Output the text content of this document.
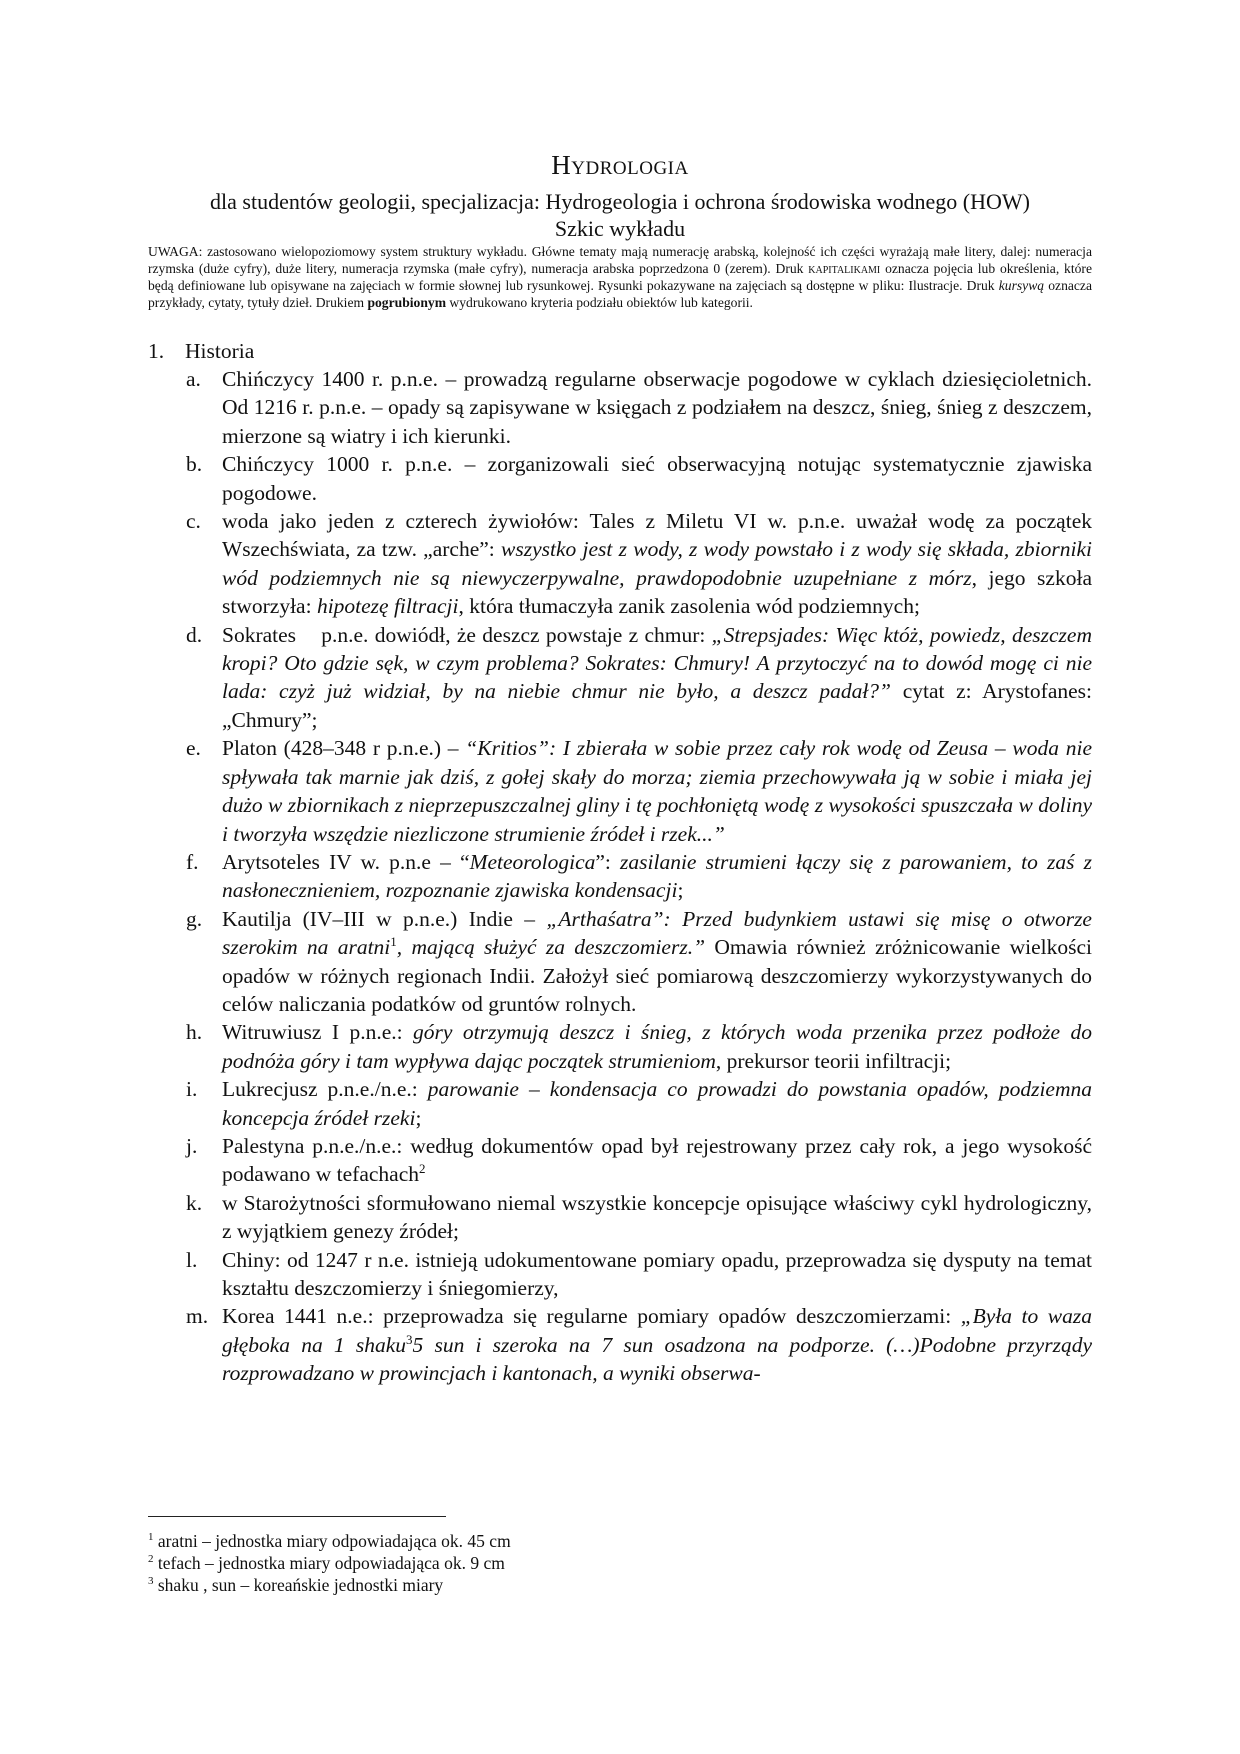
Hydrologia
dla studentów geologii, specjalizacja: Hydrogeologia i ochrona środowiska wodnego (HOW)
Szkic wykładu
UWAGA: zastosowano wielopoziomowy system struktury wykładu. Główne tematy mają numerację arabską, kolejność ich części wyrażają małe litery, dalej: numeracja rzymska (duże cyfry), duże litery, numeracja rzymska (małe cyfry), numeracja arabska poprzedzona 0 (zerem). Druk kapitalikami oznacza pojęcia lub określenia, które będą definiowane lub opisywane na zajęciach w formie słownej lub rysunkowej. Rysunki pokazywane na zajęciach są dostępne w pliku: Ilustracje. Druk kursywą oznacza przykłady, cytaty, tytuły dzieł. Drukiem pogrubionym wydrukowano kryteria podziału obiektów lub kategorii.
1. Historia
a. Chińczycy 1400 r. p.n.e. – prowadzą regularne obserwacje pogodowe w cyklach dziesięcioletnich. Od 1216 r. p.n.e. – opady są zapisywane w księgach z podziałem na deszcz, śnieg, śnieg z deszczem, mierzone są wiatry i ich kierunki.
b. Chińczycy 1000 r. p.n.e. – zorganizowali sieć obserwacyjną notując systematycznie zjawiska pogodowe.
c. woda jako jeden z czterech żywiołów: Tales z Miletu VI w. p.n.e. uważał wodę za początek Wszechświata, za tzw. „arche”: wszystko jest z wody, z wody powstało i z wody się składa, zbiorniki wód podziemnych nie są niewyczerpywalne, prawdopodobnie uzupełniane z mórz, jego szkoła stworzyła: hipotezę filtracji, która tłumaczyła zanik zasolenia wód podziemnych;
d. Sokrates    p.n.e. dowiódł, że deszcz powstaje z chmur: „Strepsjades: Więc któż, powiedz, deszczem kropi? Oto gdzie sęk, w czym problema? Sokrates: Chmury! A przytoczyć na to dowód mogę ci nie lada: czyż już widział, by na niebie chmur nie było, a deszcz padał?” cytat z: Arystofanes: „Chmury”;
e. Platon (428–348 r p.n.e.) – “Kritios”: I zbierała w sobie przez cały rok wodę od Zeusa – woda nie spływała tak marnie jak dziś, z gołej skały do morza; ziemia przechowywała ją w sobie i miała jej dużo w zbiornikach z nieprzepuszczalnej gliny i tę pochłoniętą wodę z wysokości spuszczała w doliny i tworzyła wszędzie niezliczone strumienie źródeł i rzek...”
f. Arytsoteles IV w. p.n.e – “Meteorologica”: zasilanie strumieni łączy się z parowaniem, to zaś z nasłonecznieniem, rozpoznanie zjawiska kondensacji;
g. Kautilja (IV–III w p.n.e.) Indie – „Arthaśatra”: Przed budynkiem ustawi się misę o otworze szerokim na aratni$^1$, mającą służyć za deszczomierz.” Omawia również zróżnicowanie wielkości opadów w różnych regionach Indii. Założył sieć pomiarową deszczomierzy wykorzystywanych do celów naliczania podatków od gruntów rolnych.
h. Witruwiusz I p.n.e.: góry otrzymują deszcz i śnieg, z których woda przenika przez podłoże do podnóża góry i tam wypływa dając początek strumieniom, prekursor teorii infiltracji;
i. Lukrecjusz p.n.e./n.e.: parowanie – kondensacja co prowadzi do powstania opadów, podziemna koncepcja źródeł rzeki;
j. Palestyna p.n.e./n.e.: według dokumentów opad był rejestrowany przez cały rok, a jego wysokość podawano w tefachach$^2$
k. w Starożytności sformułowano niemal wszystkie koncepcje opisujące właściwy cykl hydrologiczny, z wyjątkiem genezy źródeł;
l. Chiny: od 1247 r n.e. istnieją udokumentowane pomiary opadu, przeprowadza się dysputy na temat kształtu deszczomierzy i śniegomierzy,
m. Korea 1441 n.e.: przeprowadza się regularne pomiary opadów deszczomierzami: „Była to waza głęboka na 1 shaku$^3$5 sun i szeroka na 7 sun osadzona na podporze. (…)Podobne przyrządy rozprowadzano w prowincjach i kantonach, a wyniki obserwa-
$^1$ aratni – jednostka miary odpowiadająca ok. 45 cm
$^2$ tefach – jednostka miary odpowiadająca ok. 9 cm
$^3$ shaku , sun – koreańskie jednostki miary
